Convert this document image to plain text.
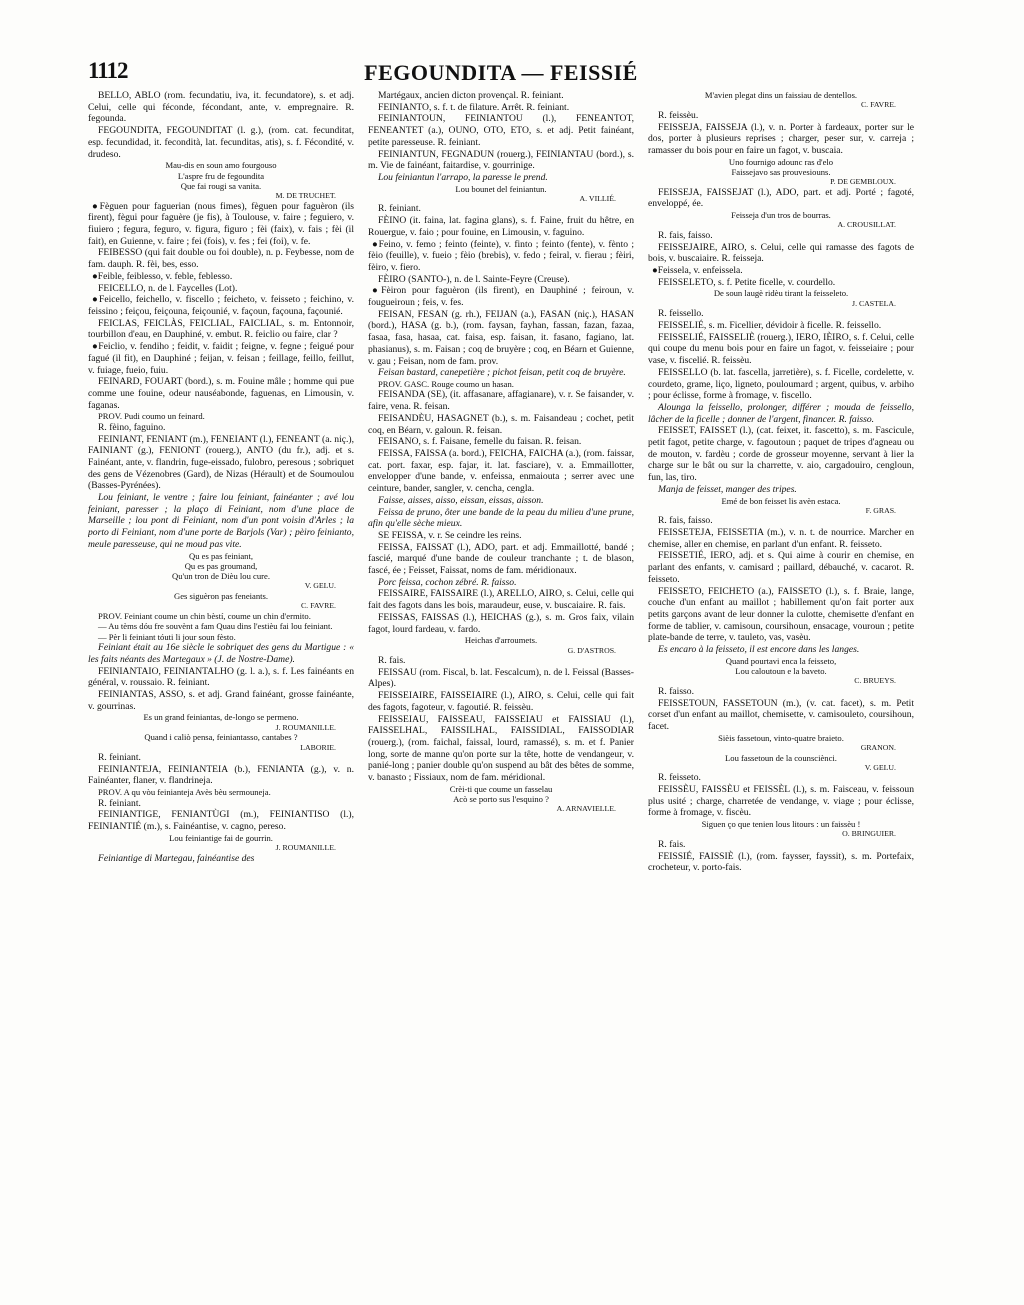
1112	FEGOUNDITA — FEISSIÉ

BELLO, ABLO (rom. fecundatiu, iva, it. fecundatore), s. et adj. Celui, celle qui féconde, fécondant, ante, v. empregnaire. R. fegounda.

FEGOUNDITA, FEGOUNDITAT (l. g.), (rom. cat. fecunditat, esp. fecundidad, it. fecondità, lat. fecunditas, atis), s. f. Fécondité, v. drudeso.

Mau-dis en soun amo fourgouso

L'aspre fru de fegoundita

Que fai rougi sa vanita.

M. DE TRUCHET.

●Fèguen pour faguerian (nous fimes), fèguen pour faguèron (ils firent), fègui pour faguère (je fis), à Toulouse, v. faire ; feguiero, v. fiuiero ; fegura, feguro, v. figura, figuro ; fèi (faix), v. fais ; fèi (il fait), en Guienne, v. faire ; fei (fois), v. fes ; fei (foi), v. fe.

FEIBESSO (qui fait double ou foi double), n. p. Feybesse, nom de fam. dauph. R. fèi, bes, esso.

●Feible, feiblesso, v. feble, feblesso.

FEICELLO, n. de l. Faycelles (Lot).

●Feicello, feichello, v. fiscello ; feicheto, v. feisseto ; feichino, v. feissino ; feiçou, feiçouna, feiçounié, v. façoun, façouna, façounié.

FEICLAS, FEICLÀS, FEICLIAL, FAICLIAL, s. m. Entonnoir, tourbillon d'eau, en Dauphiné, v. embut. R. feiclio ou faire, clar ?

●Feiclio, v. fendiho ; feidit, v. faidit ; feigne, v. fegne ; feigué pour fagué (il fit), en Dauphiné ; feijan, v. feisan ; feillage, feillo, feillut, v. fuiage, fueio, fuiu.

FEINARD, FOUART (bord.), s. m. Fouine mâle ; homme qui pue comme une fouine, odeur nauséabonde, faguenas, en Limousin, v. faganas.

PROV. Pudi coumo un feinard.

R. fèino, faguino.

FEINIANT, FENIANT (m.), FENEIANT (l.), FENEANT (a. niç.), FAINIANT (g.), FENIONT (rouerg.), ANTO (du fr.), adj. et s. Fainéant, ante, v. flandrin, fuge-eissado, fulobro, peresous ; sobriquet des gens de Vézenobres (Gard), de Nizas (Hérault) et de Soumoulou (Basses-Pyrénées).

Lou feiniant, le ventre ; faire lou feiniant, fainéanter ; avé lou feiniant, paresser ; la plaço di Feiniant, nom d'une place de Marseille ; lou pont di Feiniant, nom d'un pont voisin d'Arles ; la porto di Feiniant, nom d'une porte de Barjols (Var) ; pèiro feinianto, meule paresseuse, qui ne moud pas vite.

Qu es pas feiniant,

Qu es pas groumand,

Qu'un tron de Dièu lou cure.

V. GELU.

Ges siguèron pas feneiants.

C. FAVRE.

PROV. Feiniant coume un chin bèstí, coume un chin d'ermito.

— Au tèms dóu fre souvènt a fam Quau dins l'estièu fai lou feiniant.

— Pèr li feiniant tóuti li jour soun fèsto.

Feiniant était au 16e siècle le sobriquet des gens du Martigue : « les faits néants des Martegaux » (J. de Nostre-Dame).

FEINIANTAIO, FEINIANTALHO (g. l. a.), s. f. Les fainéants en général, v. roussaio. R. feiniant.

FEINIANTAS, ASSO, s. et adj. Grand fainéant, grosse fainéante, v. gourrinas.

Es un grand feiniantas, de-longo se permeno.

J. ROUMANILLE.

Quand i caliò pensa, feiniantasso, cantabes ?

LABORIE.

R. feiniant.

FEINIANTEJA, FEINIANTEIA (b.), FENIANTA (g.), v. n. Fainéanter, flaner, v. flandrineja.

PROV. A qu vòu feinianteja Avès bèu sermouneja.

R. feiniant.

FEINIANTIGE, FENIANTÙGI (m.), FEINIANTISO (l.), FEINIANTIÉ (m.), s. Fainéantise, v. cagno, pereso.

Lou feiniantige fai de gourrin.

J. ROUMANILLE.

Feiniantige di Martegau, fainéantise des

Martégaux, ancien dicton provençal. R. feiniant.

FEINIANTO, s. f. t. de filature. Arrêt. R. feiniant.

FEINIANTOUN, FEINIANTOU (l.), FENEANTOT, FENEANTET (a.), OUNO, OTO, ETO, s. et adj. Petit fainéant, petite paresseuse. R. feiniant.

FEINIANTUN, FEGNADUN (rouerg.), FEINIANTAU (bord.), s. m. Vie de fainéant, faitardise, v. gourrinige.

Lou feiniantun l'arrapo, la paresse le prend.

Lou bounet del feiniantun.

A. VILLIÉ.

R. feiniant.

FÈINO (it. faina, lat. fagina glans), s. f. Faine, fruit du hêtre, en Rouergue, v. faio ; pour fouine, en Limousin, v. faguino.

●Feino, v. femo ; feinto (feinte), v. finto ; feinto (fente), v. fènto ; fèio (feuille), v. fueio ; fèio (brebis), v. fedo ; feiral, v. fierau ; fèiri, fèiro, v. fiero.

FÈIRO (SANTO-), n. de l. Sainte-Feyre (Creuse).

●Fèiron pour faguèron (ils firent), en Dauphiné ; feiroun, v. fougueiroun ; feis, v. fes.

FEISAN, FESAN (g. rh.), FEIJAN (a.), FASAN (niç.), HASAN (bord.), HASA (g. b.), (rom. faysan, fayhan, fassan, fazan, fazaa, fasaa, fasa, hasaa, cat. faisa, esp. faisan, it. fasano, fagiano, lat. phasianus), s. m. Faisan ; coq de bruyère ; coq, en Béarn et Guienne, v. gau ; Feisan, nom de fam. prov.

Feisan bastard, canepetière ; pichot feisan, petit coq de bruyère.

PROV. GASC. Rouge coumo un hasan.

FEISANDA (SE), (it. affasanare, affagianare), v. r. Se faisander, v. faire, vena. R. feisan.

FEISANDÈU, HASAGNET (b.), s. m. Faisandeau ; cochet, petit coq, en Béarn, v. galoun. R. feisan.

FEISANO, s. f. Faisane, femelle du faisan. R. feisan.

FEISSA, FAISSA (a. bord.), FEICHA, FAICHA (a.), (rom. faissar, cat. port. faxar, esp. fajar, it. lat. fasciare), v. a. Emmaillotter, envelopper d'une bande, v. enfeissa, enmaiouta ; serrer avec une ceinture, bander, sangler, v. cencha, cengla.

Faisse, aisses, aisso, eissan, eissas, aisson.

Feissa de pruno, ôter une bande de la peau du milieu d'une prune, afin qu'elle sèche mieux.

SE FEISSA, v. r. Se ceindre les reins.

FEISSA, FAISSAT (l.), ADO, part. et adj. Emmaillotté, bandé ; fascié, marqué d'une bande de couleur tranchante ; t. de blason, fascé, ée ; Feisset, Faissat, noms de fam. méridionaux.

Porc feissa, cochon zébré. R. faisso.

FEISSAIRE, FAISSAIRE (l.), ARELLO, AIRO, s. Celui, celle qui fait des fagots dans les bois, maraudeur, euse, v. buscaiaire. R. fais.

FEISSAS, FAISSAS (l.), HEICHAS (g.), s. m. Gros faix, vilain fagot, lourd fardeau, v. fardo.

Heichas d'arroumets.

G. D'ASTROS.

R. fais.

FEISSAU (rom. Fiscal, b. lat. Fescalcum), n. de l. Feissal (Basses-Alpes).

FEISSEIAIRE, FAISSEIAIRE (l.), AIRO, s. Celui, celle qui fait des fagots, fagoteur, v. fagoutié. R. feissèu.

FEISSEIAU, FAISSEAU, FAISSEIAU et FAISSIAU (l.), FAISSELHAL, FAISSILHAL, FAISSIDIAL, FAISSODIAR (rouerg.), (rom. faichal, faissal, lourd, ramassé), s. m. et f. Panier long, sorte de manne qu'on porte sur la tête, hotte de vendangeur, v. panié-long ; panier double qu'on suspend au bât des bêtes de somme, v. banasto ; Fissiaux, nom de fam. méridional.

Crèi-ti que coume un fasselau

Acò se porto sus l'esquino ?

A. ARNAVIELLE.

M'avien plegat dins un faissiau de dentellos.

C. FAVRE.

R. feissèu.

FEISSEJA, FAISSEJA (l.), v. n. Porter à fardeaux, porter sur le dos, porter à plusieurs reprises ; charger, peser sur, v. carreja ; ramasser du bois pour en faire un fagot, v. buscaia.

Uno fournigo adounc ras d'elo

Faissejavo sas prouvesiouns.

P. DE GEMBLOUX.

FEISSEJA, FAISSEJAT (l.), ADO, part. et adj. Porté ; fagoté, enveloppé, ée.

Feisseja d'un tros de bourras.

A. CROUSILLAT.

R. fais, faisso.

FEISSEJAIRE, AIRO, s. Celui, celle qui ramasse des fagots de bois, v. buscaiaire. R. feisseja.

●Feissela, v. enfeissela.

FEISSELETO, s. f. Petite ficelle, v. courdello.

De soun laugè ridèu tirant la feisseleto.

J. CASTELA.

R. feissello.

FEISSELIÉ, s. m. Ficellier, dévidoir à ficelle. R. feissello.

FEISSELIÉ, FAISSELIÈ (rouerg.), IERO, IÈIRO, s. f. Celui, celle qui coupe du menu bois pour en faire un fagot, v. feisseiaire ; pour vase, v. fiscelié. R. feissèu.

FEISSELLO (b. lat. fascella, jarretière), s. f. Ficelle, cordelette, v. courdeto, grame, liço, ligneto, pouloumard ; argent, quibus, v. arbiho ; pour éclisse, forme à fromage, v. fiscello.

Alounga la feissello, prolonger, différer ; mouda de feissello, lâcher de la ficelle ; donner de l'argent, financer. R. faisso.

FEISSET, FAISSET (l.), (cat. feixet, it. fascetto), s. m. Fascicule, petit fagot, petite charge, v. fagoutoun ; paquet de tripes d'agneau ou de mouton, v. fardèu ; corde de grosseur moyenne, servant à lier la charge sur le bât ou sur la charrette, v. aio, cargadouiro, cengloun, fun, las, tiro.

Manja de feisset, manger des tripes.

Emé de bon feisset lis avèn estaca.

F. GRAS.

R. fais, faisso.

FEISSETEJA, FEISSETIA (m.), v. n. t. de nourrice. Marcher en chemise, aller en chemise, en parlant d'un enfant. R. feisseto.

FEISSETIÉ, IERO, adj. et s. Qui aime à courir en chemise, en parlant des enfants, v. camisard ; paillard, débauché, v. cacarot. R. feisseto.

FEISSETO, FEICHETO (a.), FAISSETO (l.), s. f. Braie, lange, couche d'un enfant au maillot ; habillement qu'on fait porter aux petits garçons avant de leur donner la culotte, chemisette d'enfant en forme de tablier, v. camisoun, coursihoun, ensacage, vouroun ; petite plate-bande de terre, v. tauleto, vas, vasèu.

Es encaro à la feisseto, il est encore dans les langes.

Quand pourtavi enca la feisseto,

Lou caloutoun e la baveto.

C. BRUEYS.

R. faisso.

FEISSETOUN, FASSETOUN (m.), (v. cat. facet), s. m. Petit corset d'un enfant au maillot, chemisette, v. camisouleto, coursihoun, facet.

Sièis fassetoun, vinto-quatre braieto.

GRANON.

Lou fassetoun de la counsciènci.

V. GELU.

R. feisseto.

FEISSÈU, FAISSÈU et FEISSÈL (l.), s. m. Faisceau, v. feissoun plus usité ; charge, charretée de vendange, v. viage ; pour éclisse, forme à fromage, v. fiscèu.

Siguen ço que tenien lous litours : un faissèu !

O. BRINGUIER.

R. fais.

FEISSIÉ, FAISSIÈ (l.), (rom. faysser, fayssit), s. m. Portefaix, crocheteur, v. porto-fais.
